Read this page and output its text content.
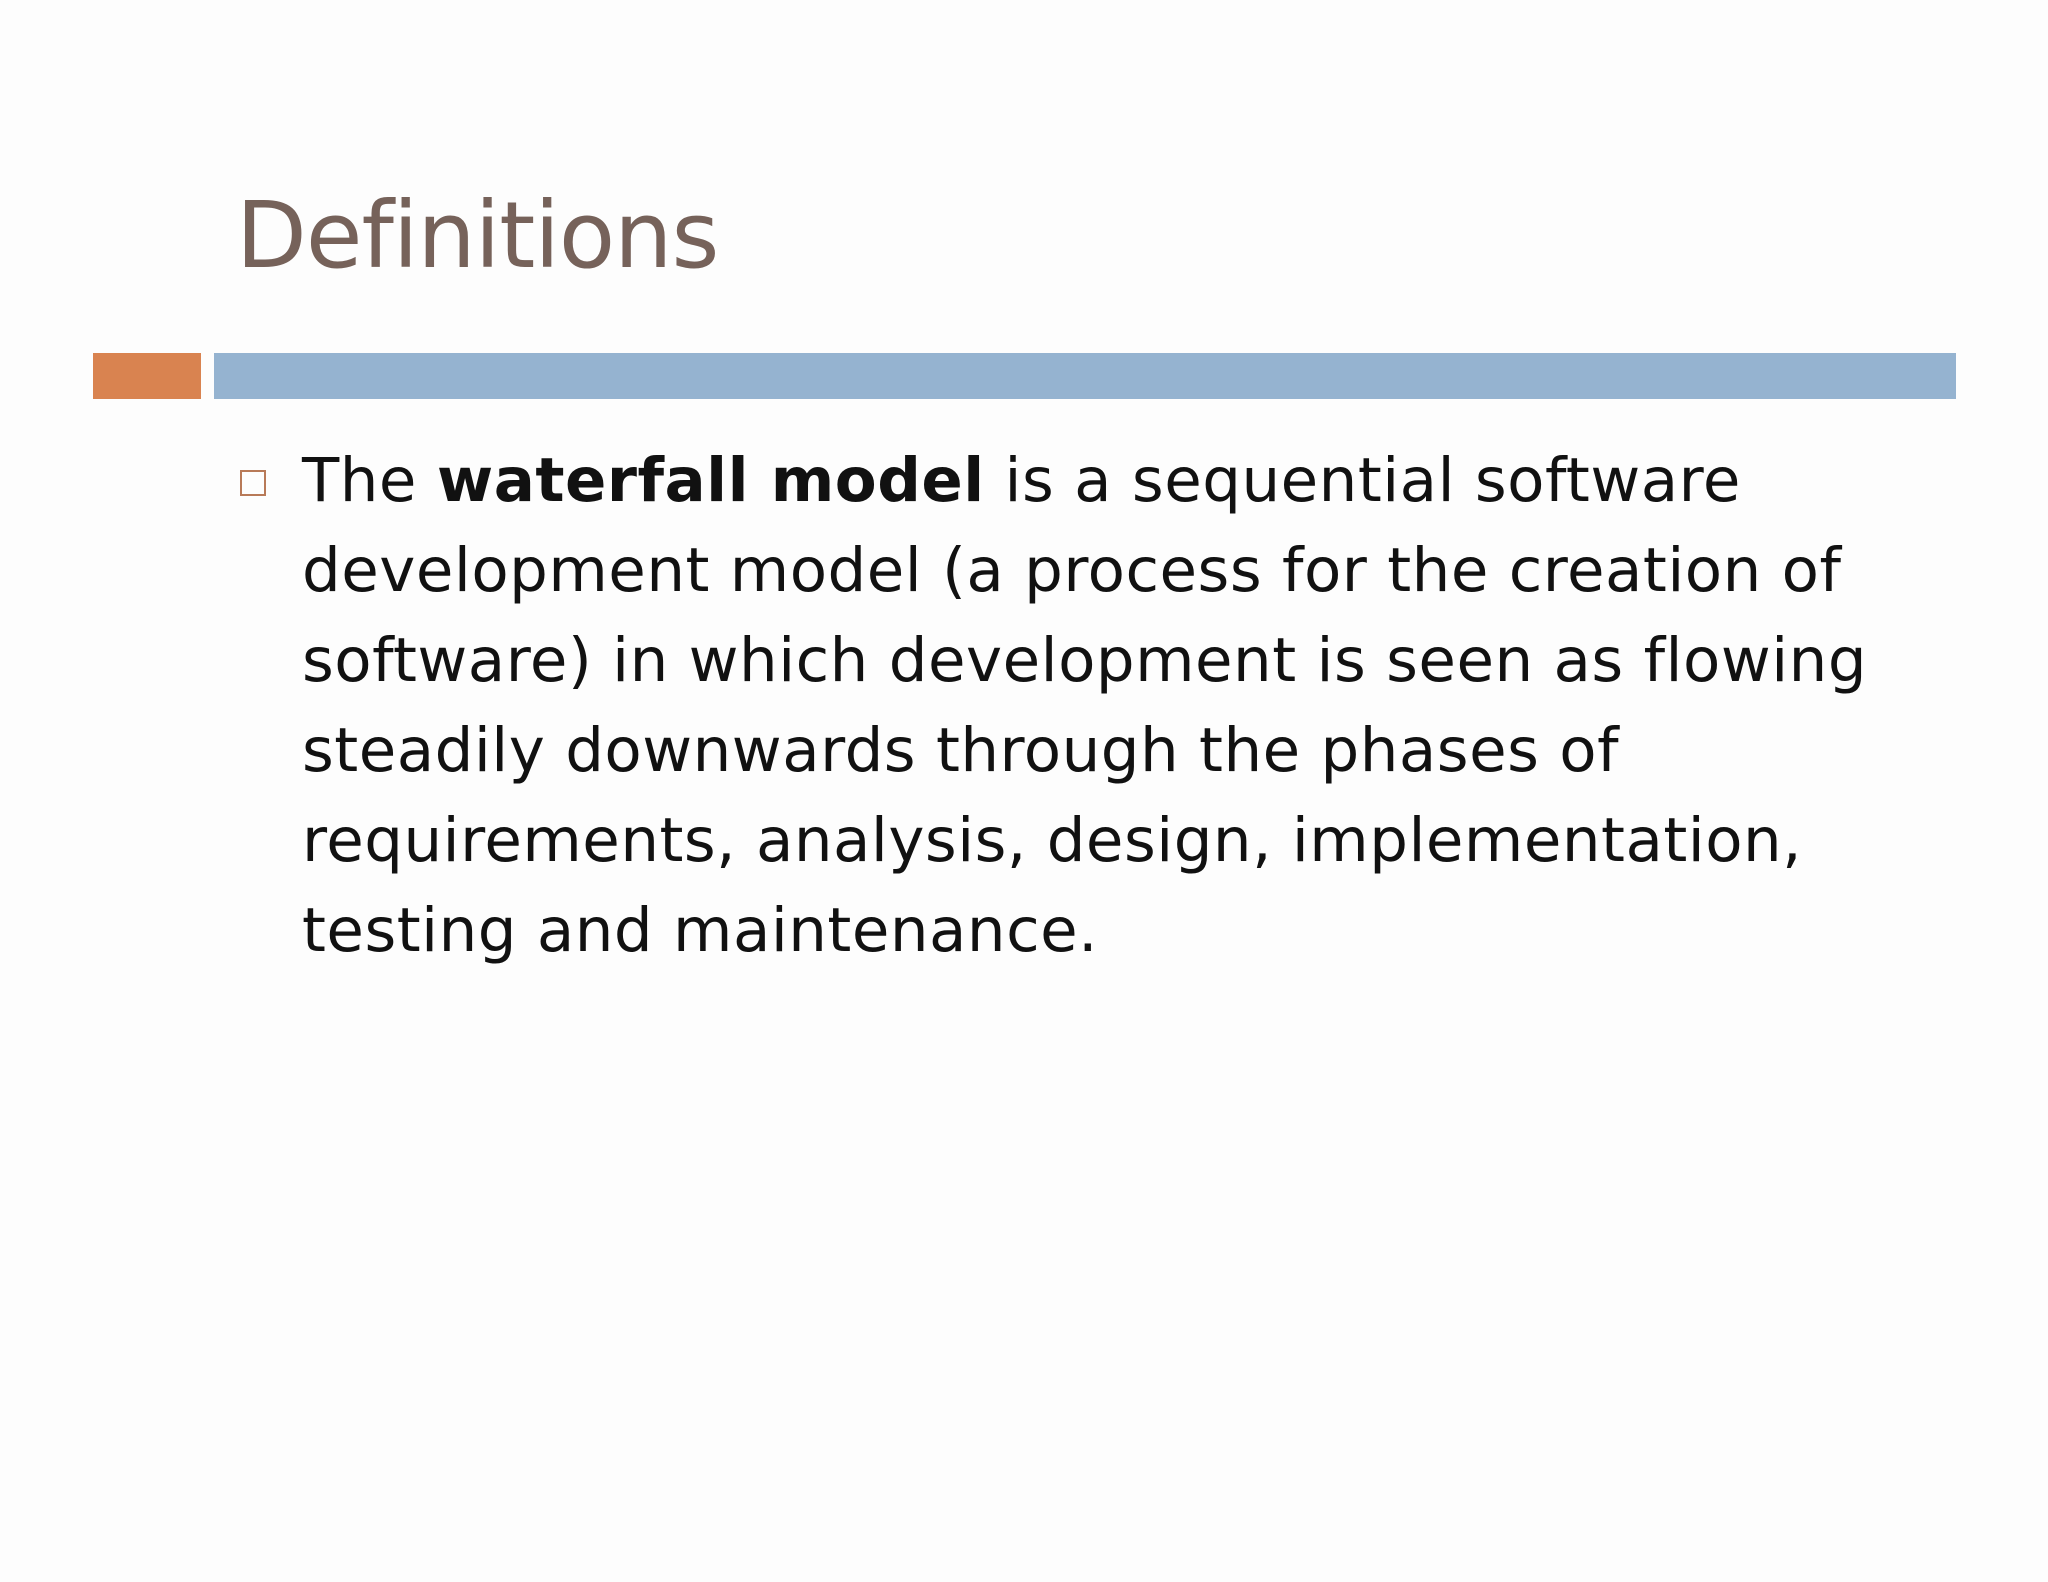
Definitions
The waterfall model is a sequential software
development model (a process for the creation of
software) in which development is seen as flowing
steadily downwards through the phases of
requirements, analysis, design, implementation,
testing and maintenance.
